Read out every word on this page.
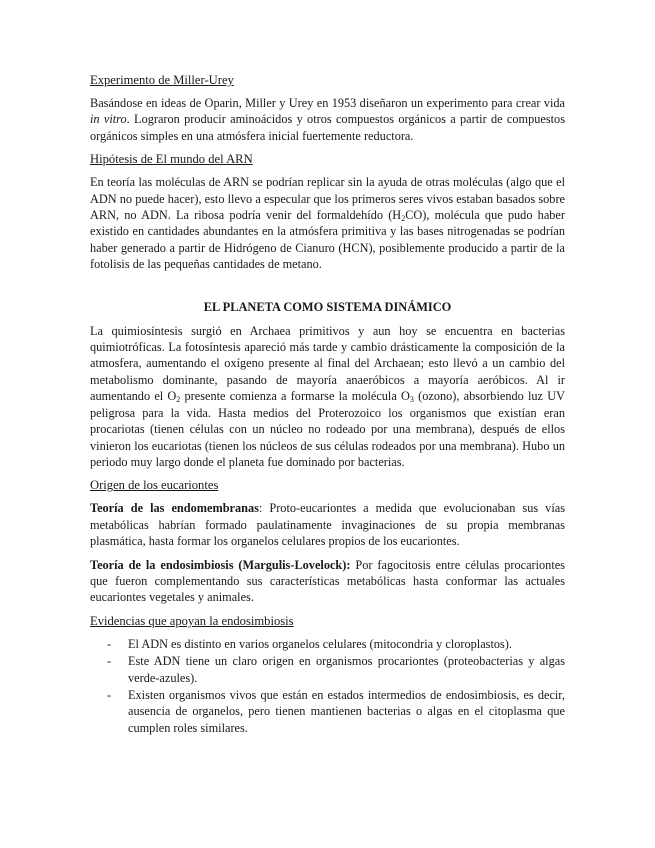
Experimento de Miller-Urey
Basándose en ideas de Oparin, Miller y Urey en 1953 diseñaron un experimento para crear vida in vitro. Lograron producir aminoácidos y otros compuestos orgánicos a partir de compuestos orgánicos simples en una atmósfera inicial fuertemente reductora.
Hipótesis de El mundo del ARN
En teoría las moléculas de ARN se podrían replicar sin la ayuda de otras moléculas (algo que el ADN no puede hacer), esto llevo a especular que los primeros seres vivos estaban basados sobre ARN, no ADN. La ribosa podría venir del formaldehído $(H_2CO)$, molécula que pudo haber existido en cantidades abundantes en la atmósfera primitiva y las bases nitrogenadas se podrían haber generado a partir de Hidrógeno de Cianuro (HCN), posiblemente producido a partir de la fotolisis de las pequeñas cantidades de metano.
EL PLANETA COMO SISTEMA DINÁMICO
La quimiosíntesis surgió en Archaea primitivos y aun hoy se encuentra en bacterias quimiotróficas. La fotosíntesis apareció más tarde y cambio drásticamente la composición de la atmosfera, aumentando el oxígeno presente al final del Archaean; esto llevó a un cambio del metabolismo dominante, pasando de mayoría anaeróbicos a mayoría aeróbicos. Al ir aumentando el $O_2$ presente comienza a formarse la molécula $O_3$ (ozono), absorbiendo luz UV peligrosa para la vida. Hasta medios del Proterozoico los organismos que existían eran procariotas (tienen células con un núcleo no rodeado por una membrana), después de ellos vinieron los eucariotas (tienen los núcleos de sus células rodeados por una membrana). Hubo un periodo muy largo donde el planeta fue dominado por bacterias.
Origen de los eucariontes
Teoría de las endomembranas: Proto-eucariontes a medida que evolucionaban sus vías metabólicas habrían formado paulatinamente invaginaciones de su propia membranas plasmática, hasta formar los organelos celulares propios de los eucariontes.
Teoría de la endosimbiosis (Margulis-Lovelock): Por fagocitosis entre células procariontes que fueron complementando sus características metabólicas hasta conformar las actuales eucariontes vegetales y animales.
Evidencias que apoyan la endosimbiosis
- El ADN es distinto en varios organelos celulares (mitocondria y cloroplastos).
- Este ADN tiene un claro origen en organismos procariontes (proteobacterias y algas verde-azules).
- Existen organismos vivos que están en estados intermedios de endosimbiosis, es decir, ausencia de organelos, pero tienen mantienen bacterias o algas en el citoplasma que cumplen roles similares.
